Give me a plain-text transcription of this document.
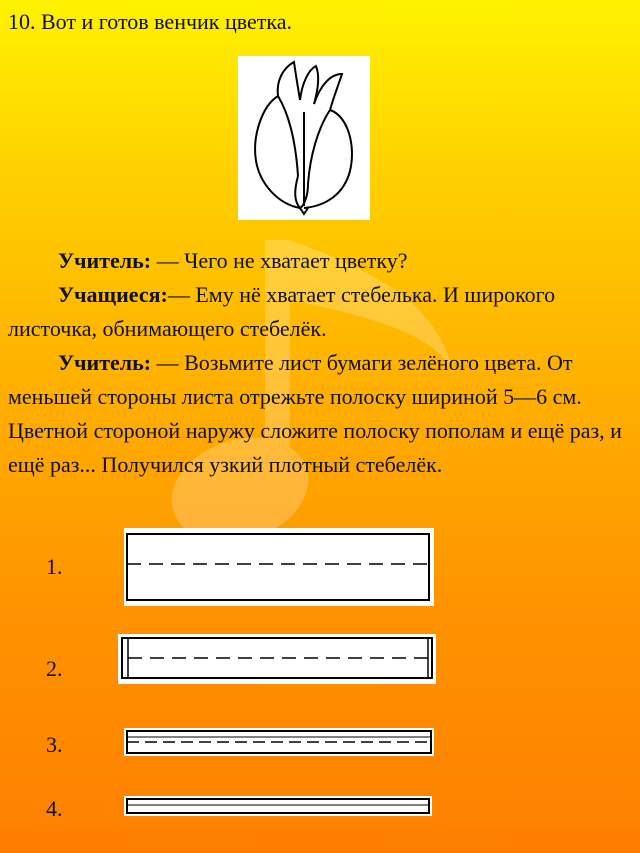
10. Вот и готов венчик цветка.

Учитель: — Чего не хватает цветку?

Учащиеся:— Ему нё хватает стебелька. И широкого листочка, обнимающего стебелёк.

Учитель: — Возьмите лист бумаги зелёного цвета. От меньшей стороны листа отрежьте полоску шириной 5—6 см. Цветной стороной наружу сложите полоску пополам и ещё раз, и ещё раз... Получился узкий плотный стебелёк.

1.
2.
3.
4.
